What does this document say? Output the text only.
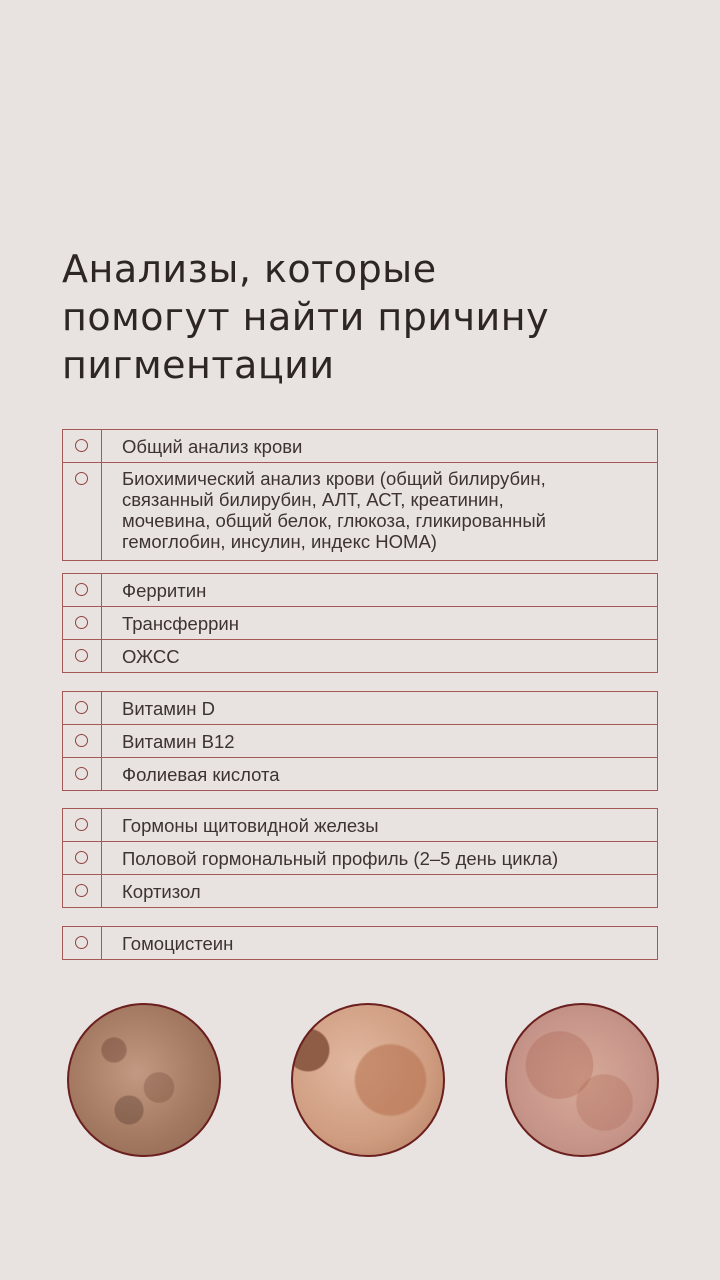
Анализы, которые
помогут найти причину
пигментации
Общий анализ крови
Биохимический анализ крови (общий билирубин,
связанный билирубин, АЛТ, АСТ, креатинин,
мочевина, общий белок, глюкоза, гликированный
гемоглобин, инсулин, индекс HOMA)
Ферритин
Трансферрин
ОЖСС
Витамин D
Витамин B12
Фолиевая кислота
Гормоны щитовидной железы
Половой гормональный профиль (2–5 день цикла)
Кортизол
Гомоцистеин
